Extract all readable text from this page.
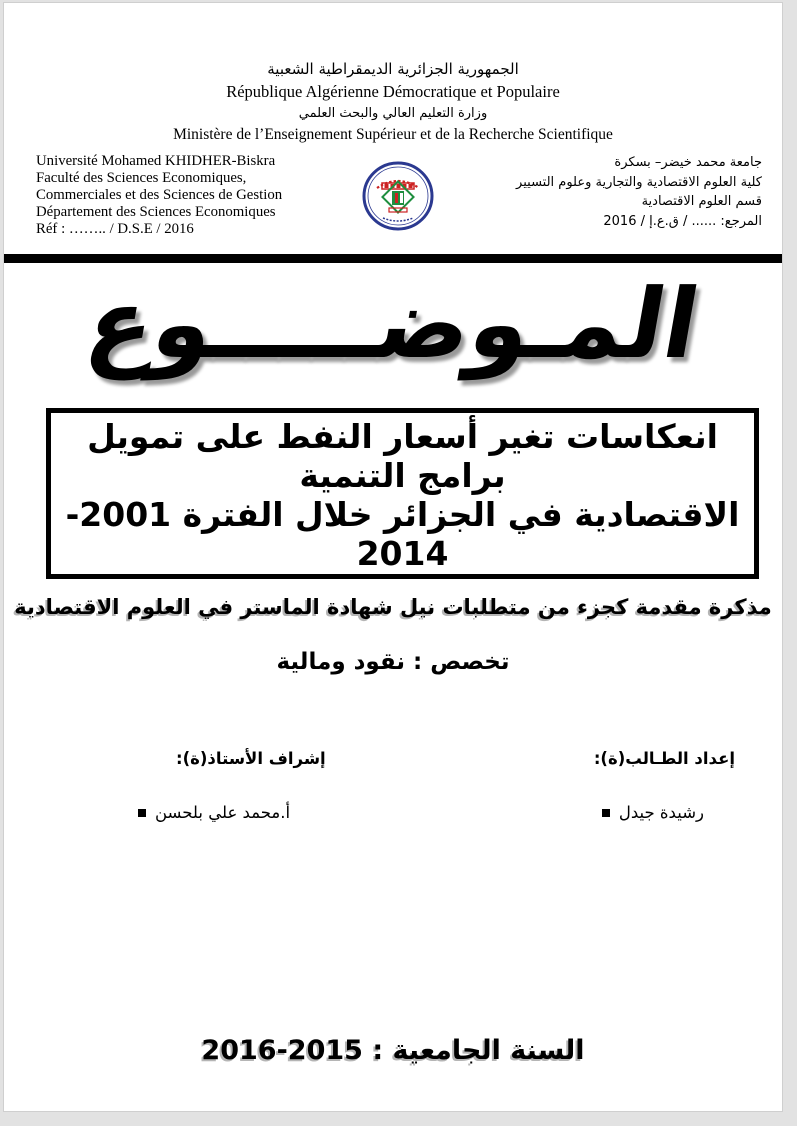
الجمهورية الجزائرية الديمقراطية الشعبية
République Algérienne Démocratique et Populaire
وزارة التعليم العالي والبحث العلمي
Ministère de l’Enseignement Supérieur et de la Recherche Scientifique
Université Mohamed KHIDHER-Biskra
Faculté des Sciences Economiques,
Commerciales et des Sciences de Gestion
Département des Sciences Economiques
Réf : …….. / D.S.E / 2016
جامعة محمد خيضر– بسكرة
كلية العلوم الاقتصادية والتجارية وعلوم التسيير
قسم العلوم الاقتصادية
المرجع: ...... / ق.ع.إ / 2016
المـوضـــــوع
انعكاسات تغير أسعار النفط على تمويل برامج التنمية
الاقتصادية في الجزائر خلال الفترة 2001-2014
مذكرة مقدمة كجزء من متطلبات نيل شهادة الماستر في العلوم الاقتصادية
تخصص : نقود ومالية
إعداد الطـالب(ة):
رشيدة جيدل
إشراف الأستاذ(ة):
أ.محمد علي بلحسن
السنة الجامعية : 2015-2016
